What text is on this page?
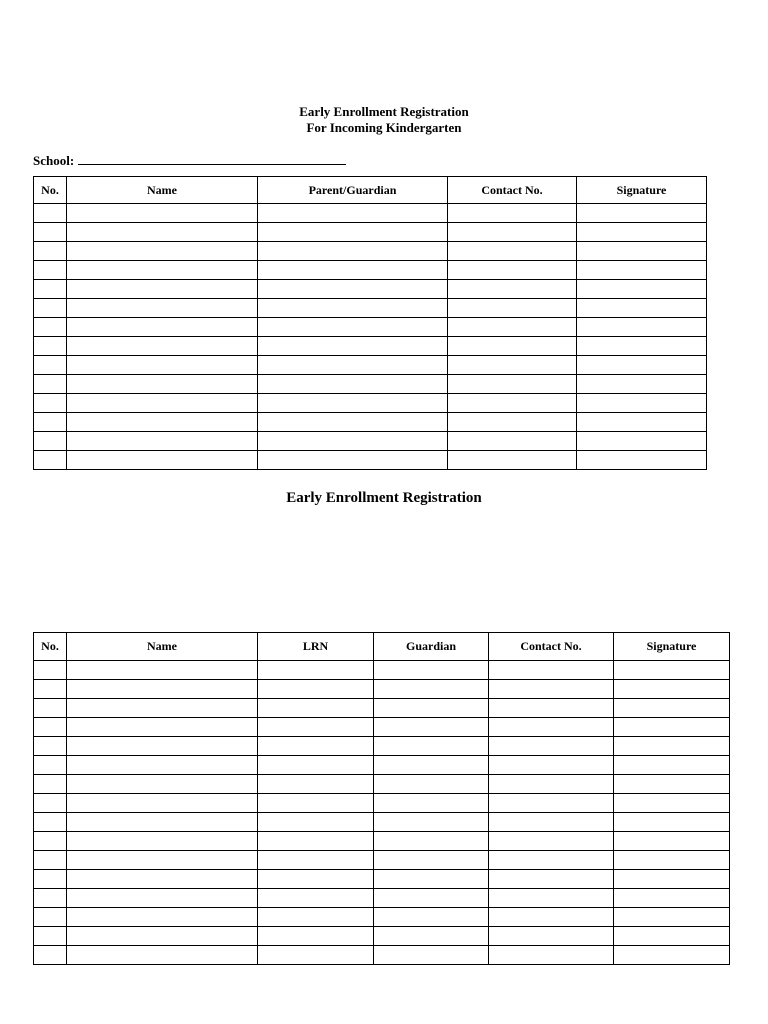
Early Enrollment Registration
For Incoming Kindergarten
School:
No.	Name	Parent/Guardian	Contact No.	Signature

Early Enrollment Registration
No.	Name	LRN	Guardian	Contact No.	Signature
